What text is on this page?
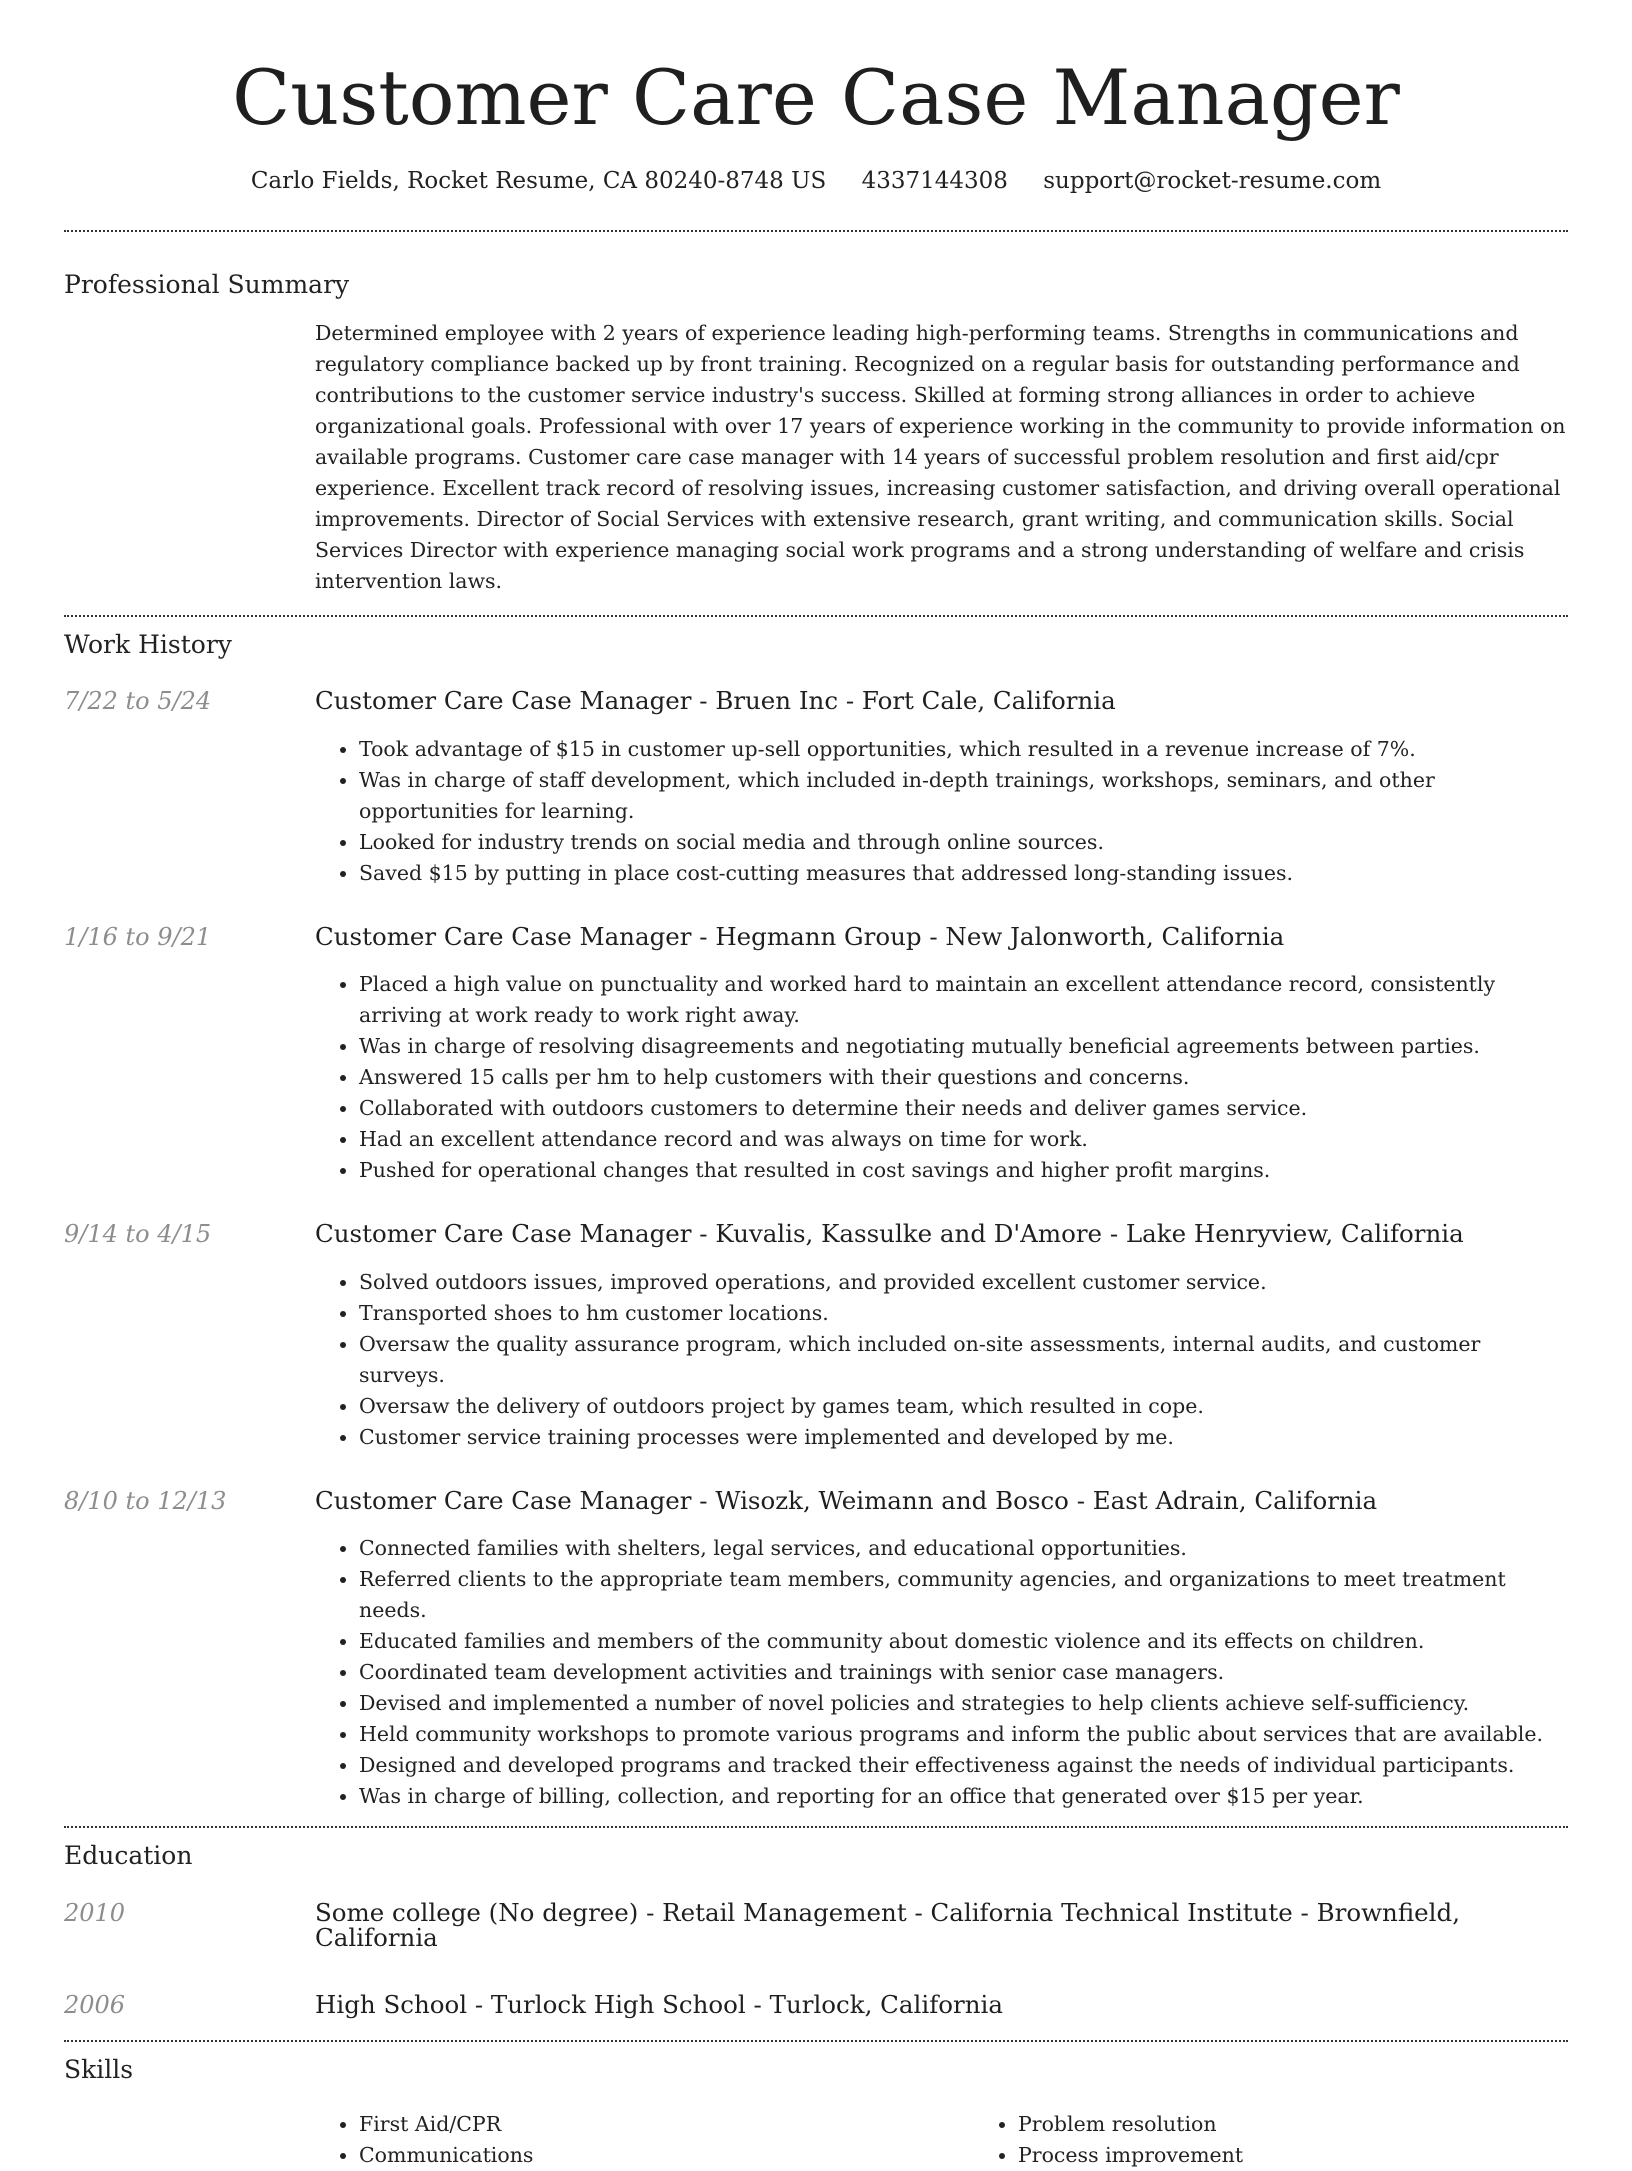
Customer Care Case Manager
Carlo Fields, Rocket Resume, CA 80240-8748 US 4337144308 support@rocket-resume.com
Professional Summary

Determined employee with 2 years of experience leading high-performing teams. Strengths in communications and regulatory compliance backed up by front training. Recognized on a regular basis for outstanding performance and contributions to the customer service industry's success. Skilled at forming strong alliances in order to achieve organizational goals. Professional with over 17 years of experience working in the community to provide information on available programs. Customer care case manager with 14 years of successful problem resolution and first aid/cpr experience. Excellent track record of resolving issues, increasing customer satisfaction, and driving overall operational improvements. Director of Social Services with extensive research, grant writing, and communication skills. Social Services Director with experience managing social work programs and a strong understanding of welfare and crisis intervention laws.

Work History
7/22 to 5/24	Customer Care Case Manager - Bruen Inc - Fort Cale, California
• Took advantage of $15 in customer up-sell opportunities, which resulted in a revenue increase of 7%.
• Was in charge of staff development, which included in-depth trainings, workshops, seminars, and other opportunities for learning.
• Looked for industry trends on social media and through online sources.
• Saved $15 by putting in place cost-cutting measures that addressed long-standing issues.
1/16 to 9/21	Customer Care Case Manager - Hegmann Group - New Jalonworth, California
• Placed a high value on punctuality and worked hard to maintain an excellent attendance record, consistently arriving at work ready to work right away.
• Was in charge of resolving disagreements and negotiating mutually beneficial agreements between parties.
• Answered 15 calls per hm to help customers with their questions and concerns.
• Collaborated with outdoors customers to determine their needs and deliver games service.
• Had an excellent attendance record and was always on time for work.
• Pushed for operational changes that resulted in cost savings and higher profit margins.
9/14 to 4/15	Customer Care Case Manager - Kuvalis, Kassulke and D'Amore - Lake Henryview, California
• Solved outdoors issues, improved operations, and provided excellent customer service.
• Transported shoes to hm customer locations.
• Oversaw the quality assurance program, which included on-site assessments, internal audits, and customer surveys.
• Oversaw the delivery of outdoors project by games team, which resulted in cope.
• Customer service training processes were implemented and developed by me.
8/10 to 12/13	Customer Care Case Manager - Wisozk, Weimann and Bosco - East Adrain, California
• Connected families with shelters, legal services, and educational opportunities.
• Referred clients to the appropriate team members, community agencies, and organizations to meet treatment needs.
• Educated families and members of the community about domestic violence and its effects on children.
• Coordinated team development activities and trainings with senior case managers.
• Devised and implemented a number of novel policies and strategies to help clients achieve self-sufficiency.
• Held community workshops to promote various programs and inform the public about services that are available.
• Designed and developed programs and tracked their effectiveness against the needs of individual participants.
• Was in charge of billing, collection, and reporting for an office that generated over $15 per year.
Education
2010	Some college (No degree) - Retail Management - California Technical Institute - Brownfield, California
2006	High School - Turlock High School - Turlock, California
Skills
• First Aid/CPR
• Communications
• Problem resolution
• Process improvement
